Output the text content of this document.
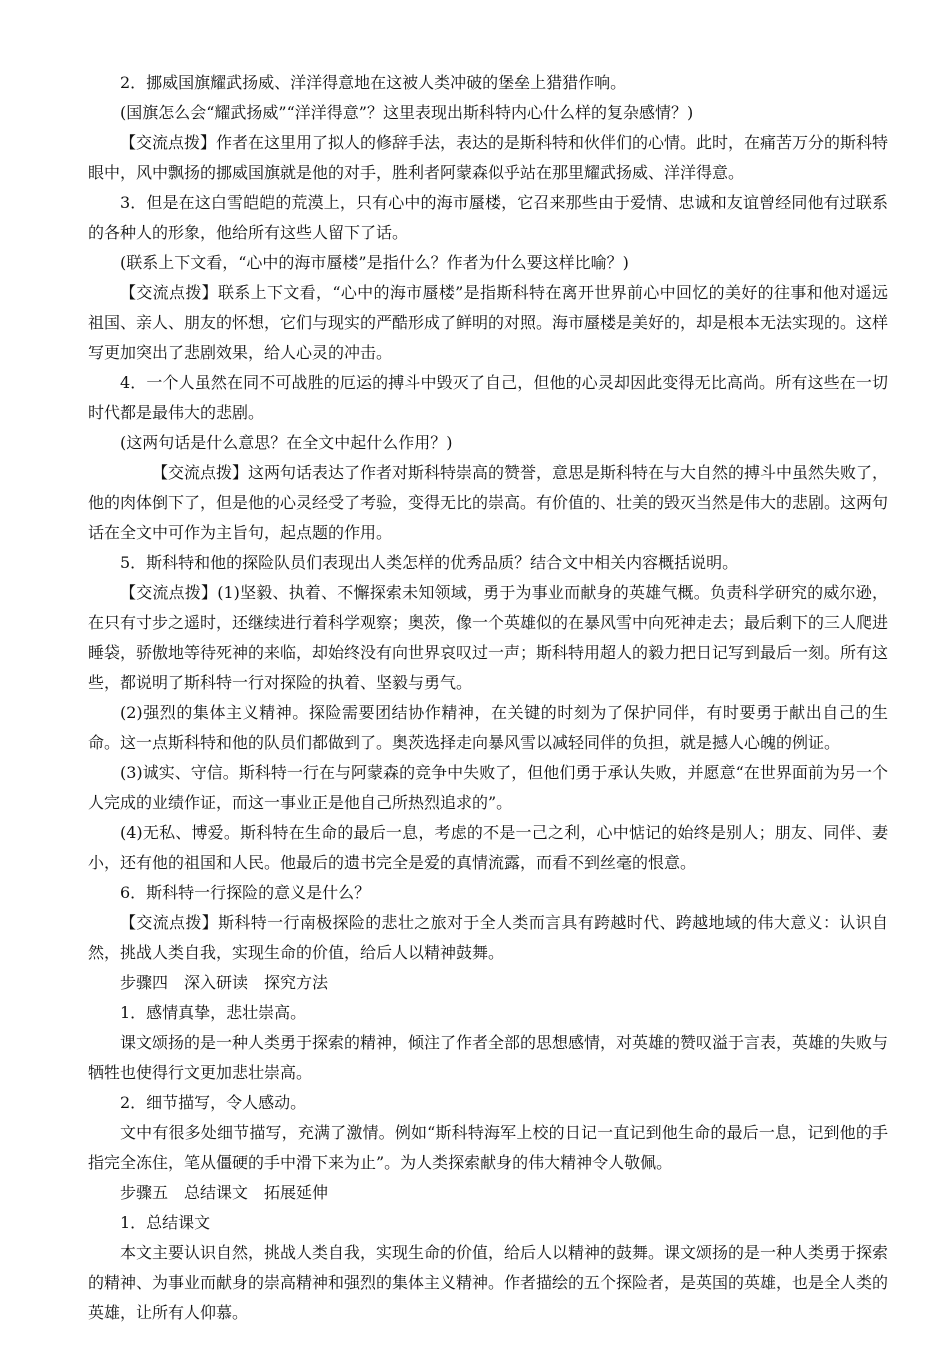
2．挪威国旗耀武扬威、洋洋得意地在这被人类冲破的堡垒上猎猎作响。

(国旗怎么会“耀武扬威”“洋洋得意”？这里表现出斯科特内心什么样的复杂感情？)

【交流点拨】作者在这里用了拟人的修辞手法，表达的是斯科特和伙伴们的心情。此时，在痛苦万分的斯科特眼中，风中飘扬的挪威国旗就是他的对手，胜利者阿蒙森似乎站在那里耀武扬威、洋洋得意。

3．但是在这白雪皑皑的荒漠上，只有心中的海市蜃楼，它召来那些由于爱情、忠诚和友谊曾经同他有过联系的各种人的形象，他给所有这些人留下了话。

(联系上下文看，“心中的海市蜃楼”是指什么？作者为什么要这样比喻？)

【交流点拨】联系上下文看，“心中的海市蜃楼”是指斯科特在离开世界前心中回忆的美好的往事和他对遥远祖国、亲人、朋友的怀想，它们与现实的严酷形成了鲜明的对照。海市蜃楼是美好的，却是根本无法实现的。这样写更加突出了悲剧效果，给人心灵的冲击。

4．一个人虽然在同不可战胜的厄运的搏斗中毁灭了自己，但他的心灵却因此变得无比高尚。所有这些在一切时代都是最伟大的悲剧。

(这两句话是什么意思？在全文中起什么作用？)

【交流点拨】这两句话表达了作者对斯科特崇高的赞誉，意思是斯科特在与大自然的搏斗中虽然失败了，他的肉体倒下了，但是他的心灵经受了考验，变得无比的崇高。有价值的、壮美的毁灭当然是伟大的悲剧。这两句话在全文中可作为主旨句，起点题的作用。

5．斯科特和他的探险队员们表现出人类怎样的优秀品质？结合文中相关内容概括说明。

【交流点拨】(1)坚毅、执着、不懈探索未知领域，勇于为事业而献身的英雄气概。负责科学研究的威尔逊，在只有寸步之遥时，还继续进行着科学观察；奥茨，像一个英雄似的在暴风雪中向死神走去；最后剩下的三人爬进睡袋，骄傲地等待死神的来临，却始终没有向世界哀叹过一声；斯科特用超人的毅力把日记写到最后一刻。所有这些，都说明了斯科特一行对探险的执着、坚毅与勇气。

(2)强烈的集体主义精神。探险需要团结协作精神，在关键的时刻为了保护同伴，有时要勇于献出自己的生命。这一点斯科特和他的队员们都做到了。奥茨选择走向暴风雪以减轻同伴的负担，就是撼人心魄的例证。

(3)诚实、守信。斯科特一行在与阿蒙森的竞争中失败了，但他们勇于承认失败，并愿意“在世界面前为另一个人完成的业绩作证，而这一事业正是他自己所热烈追求的”。

(4)无私、博爱。斯科特在生命的最后一息，考虑的不是一己之利，心中惦记的始终是别人；朋友、同伴、妻小，还有他的祖国和人民。他最后的遗书完全是爱的真情流露，而看不到丝毫的恨意。

6．斯科特一行探险的意义是什么？

【交流点拨】斯科特一行南极探险的悲壮之旅对于全人类而言具有跨越时代、跨越地域的伟大意义：认识自然，挑战人类自我，实现生命的价值，给后人以精神鼓舞。

步骤四　深入研读　探究方法

1．感情真挚，悲壮崇高。

课文颂扬的是一种人类勇于探索的精神，倾注了作者全部的思想感情，对英雄的赞叹溢于言表，英雄的失败与牺牲也使得行文更加悲壮崇高。

2．细节描写，令人感动。

文中有很多处细节描写，充满了激情。例如“斯科特海军上校的日记一直记到他生命的最后一息，记到他的手指完全冻住，笔从僵硬的手中滑下来为止”。为人类探索献身的伟大精神令人敬佩。

步骤五　总结课文　拓展延伸

1．总结课文

本文主要认识自然，挑战人类自我，实现生命的价值，给后人以精神的鼓舞。课文颂扬的是一种人类勇于探索的精神、为事业而献身的崇高精神和强烈的集体主义精神。作者描绘的五个探险者，是英国的英雄，也是全人类的英雄，让所有人仰慕。
